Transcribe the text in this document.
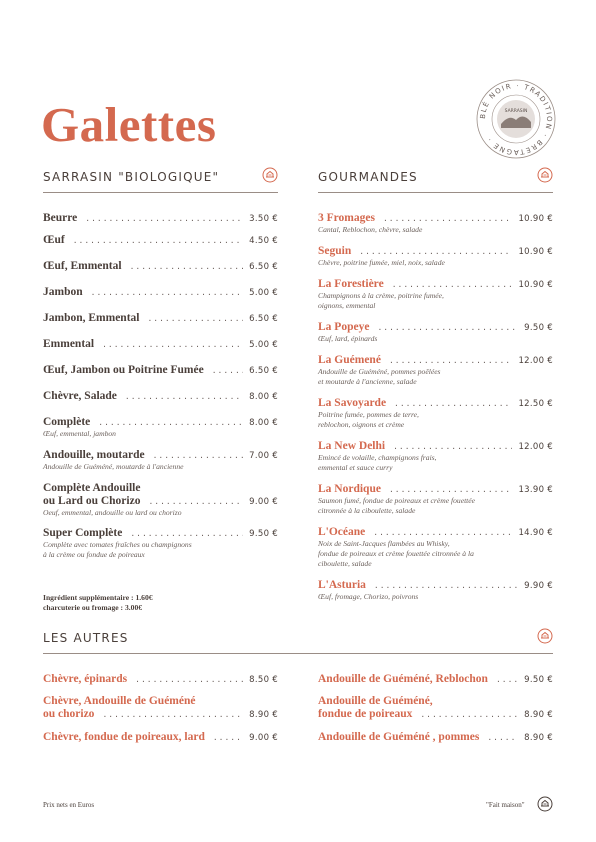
Galettes	BLÉ NOIR · TRADITION · BRETAGNE ·
SARRASIN
SARRASIN "BIOLOGIQUE"	GOURMANDES
Beurre .....	3.50 €
Œuf .....	4.50 €
Œuf, Emmental .....	6.50 €
Jambon .....	5.00 €
Jambon, Emmental .....	6.50 €
Emmental .....	5.00 €
Œuf, Jambon ou Poitrine Fumée .....	6.50 €
Chèvre, Salade .....	8.00 €
Complète .....	8.00 €
Œuf, emmental, jambon
Andouille, moutarde .....	7.00 €
Andouille de Guéméné, moutarde à l'ancienne
Complète Andouille
ou Lard ou Chorizo .....	9.00 €
Oeuf, emmental, andouille ou lard ou chorizo
Super Complète .....	9.50 €
Complète avec tomates fraîches ou champignons
à la crème ou fondue de poireaux
Ingrédient supplémentaire : 1.60€
charcuterie ou fromage : 3.00€
3 Fromages .....	10.90 €
Cantal, Reblochon, chèvre, salade
Seguin .....	10.90 €
Chèvre, poitrine fumée, miel, noix, salade
La Forestière .....	10.90 €
Champignons à la crème, poitrine fumée,
oignons, emmental
La Popeye .....	9.50 €
Œuf, lard, épinards
La Guémené .....	12.00 €
Andouille de Guéméné, pommes poêlées
et moutarde à l'ancienne, salade
La Savoyarde .....	12.50 €
Poitrine fumée, pommes de terre,
reblochon, oignons et crème
La New Delhi .....	12.00 €
Emincé de volaille, champignons frais,
emmental et sauce curry
La Nordique .....	13.90 €
Saumon fumé, fondue de poireaux et crème fouettée
citronnée à la ciboulette, salade
L'Océane .....	14.90 €
Noix de Saint-Jacques flambées au Whisky,
fondue de poireaux et crème fouettée citronnée à la
ciboulette, salade
L'Asturia .....	9.90 €
Œuf, fromage, Chorizo, poivrons
LES AUTRES
Chèvre, épinards .....	8.50 €
Chèvre, Andouille de Guéméné
ou chorizo .....	8.90 €
Chèvre, fondue de poireaux, lard .....	9.00 €
Andouille de Guéméné, Reblochon .....	9.50 €
Andouille de Guéméné,
fondue de poireaux .....	8.90 €
Andouille de Guéméné , pommes .....	8.90 €
Prix nets en Euros	"Fait maison"
